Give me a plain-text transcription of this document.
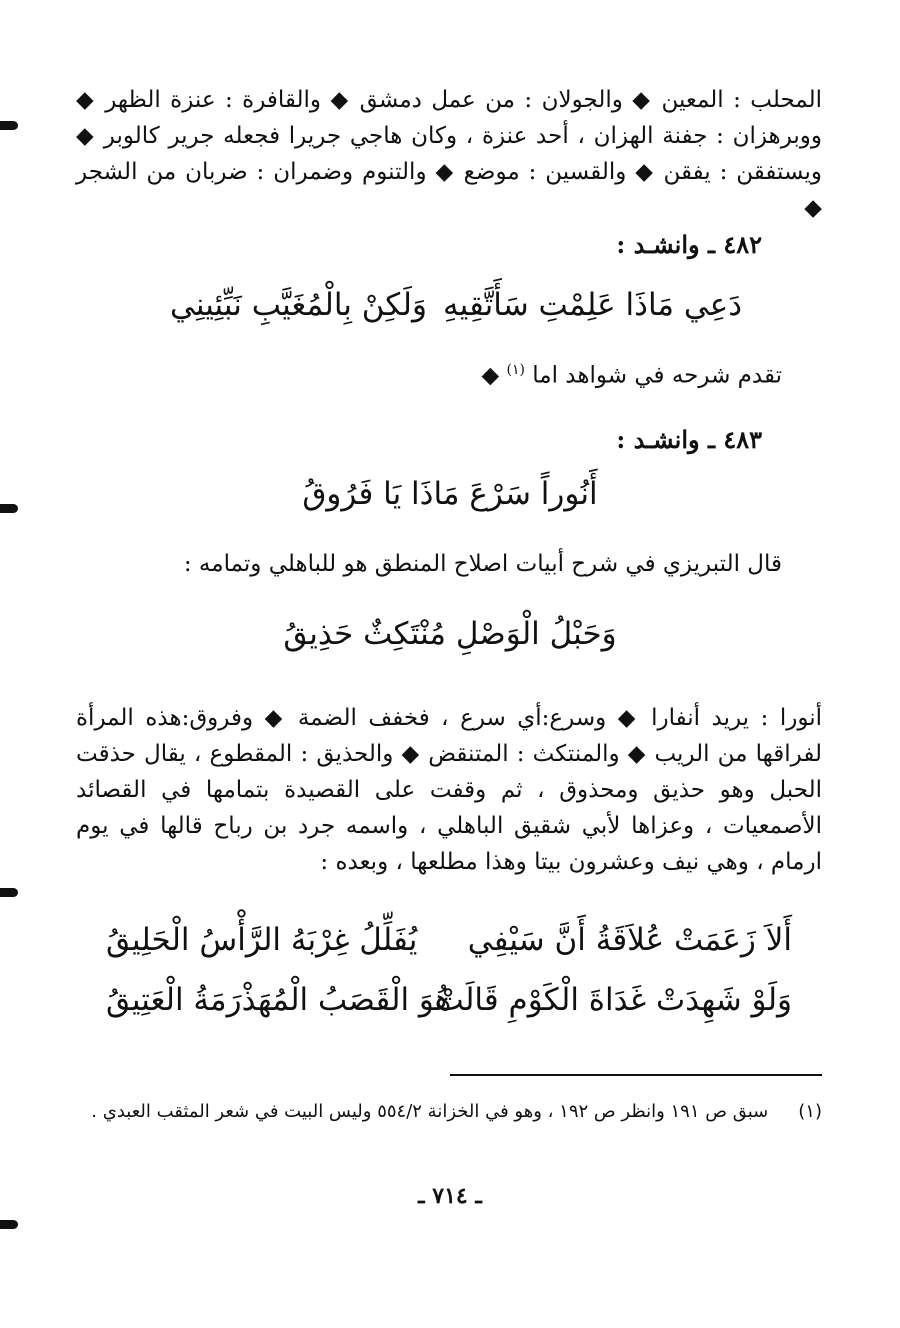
المحلب : المعين ◆ والجولان : من عمل دمشق ◆ والقافرة : عنزة الظهر ◆ ووبرهزان : جفنة الهزان ، أحد عنزة ، وكان هاجي جريرا فجعله جرير كالوبر ◆ ويستفقن : يفقن ◆ والقسين : موضع ◆ والتنوم وضمران : ضربان من الشجر ◆
٤٨٢ ـ وانشـد :
دَعِي مَاذَا عَلِمْتِ سَأَتَّقِيهِ
وَلَكِنْ بِالْمُغَيَّبِ نَبِّئِينِي
تقدم شرحه في شواهد اما $^{(١)}$ ◆
٤٨٣ ـ وانشـد :
أَنُوراً سَرْعَ مَاذَا يَا فَرُوقُ
قال التبريزي في شرح أبيات اصلاح المنطق هو للباهلي وتمامه :
وَحَبْلُ الْوَصْلِ مُنْتَكِثٌ حَذِيقُ
أنورا : يريد أنفارا ◆ وسرع:أي سرع ، فخفف الضمة ◆ وفروق:هذه المرأة لفراقها من الريب ◆ والمنتكث : المتنقض ◆ والحذيق : المقطوع ، يقال حذقت الحبل وهو حذيق ومحذوق ، ثم وقفت على القصيدة بتمامها في القصائد الأصمعيات ، وعزاها لأبي شقيق الباهلي ، واسمه جرد بن رباح قالها في يوم ارمام ، وهي نيف وعشرون بيتا وهذا مطلعها ، وبعده :
أَلاَ زَعَمَتْ عُلاَقَةُ أَنَّ سَيْفِي
يُفَلِّلُ غِرْبَهُ الرَّأْسُ الْحَلِيقُ
وَلَوْ شَهِدَتْ غَدَاةَ الْكَوْمِ قَالَتْ
هُوَ الْقَصَبُ الْمُهَذْرَمَةُ الْعَتِيقُ
(١)
سبق ص ١٩١ وانظر ص ١٩٢ ، وهو في الخزانة ٥٥٤/٢ وليس البيت في شعر المثقب العبدي .
ـ ٧١٤ ـ
